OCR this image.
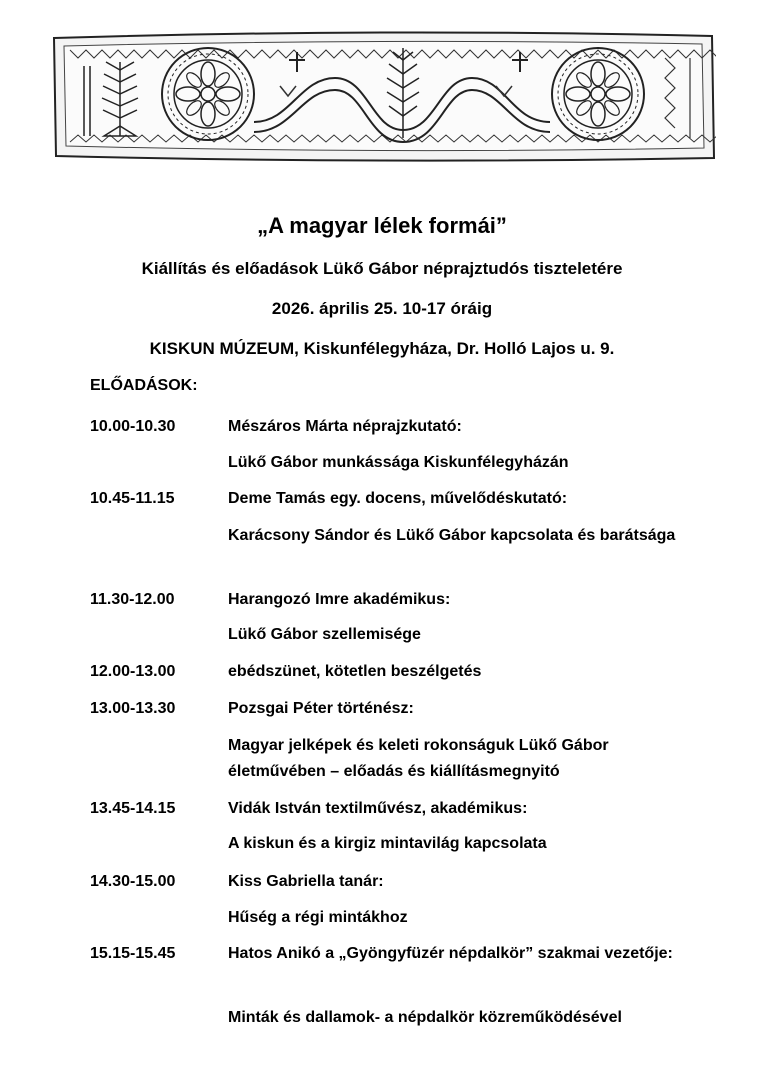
„A magyar lélek formái”
Kiállítás és előadások Lükő Gábor néprajztudós tiszteletére
2026. április 25. 10-17 óráig
KISKUN MÚZEUM, Kiskunfélegyháza, Dr. Holló Lajos u. 9.
ELŐADÁSOK:
10.00-10.30	Mészáros Márta néprajzkutató:
Lükő Gábor munkássága Kiskunfélegyházán
10.45-11.15	Deme Tamás egy. docens, művelődéskutató:
Karácsony Sándor és Lükő Gábor kapcsolata és barátsága
11.30-12.00	Harangozó Imre akadémikus:
Lükő Gábor szellemisége
12.00-13.00	ebédszünet, kötetlen beszélgetés
13.00-13.30	Pozsgai Péter történész:
Magyar jelképek és keleti rokonságuk Lükő Gábor életművében – előadás és kiállításmegnyitó
13.45-14.15	Vidák István textilművész, akadémikus:
A kiskun és a kirgiz mintavilág kapcsolata
14.30-15.00	Kiss Gabriella tanár:
Hűség a régi mintákhoz
15.15-15.45	Hatos Anikó a „Gyöngyfüzér népdalkör” szakmai vezetője:
Minták és dallamok- a népdalkör közreműködésével
